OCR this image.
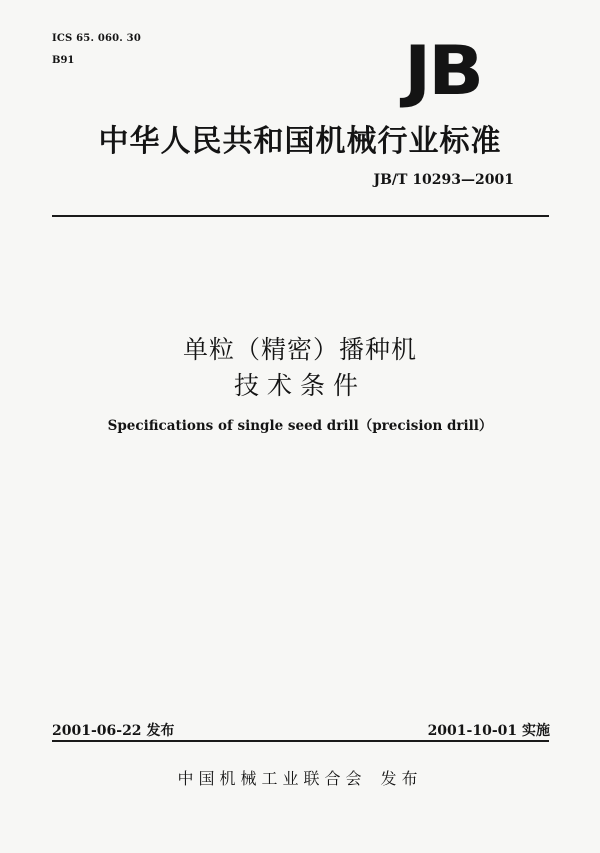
ICS 65. 060. 30
B91	JB
中华人民共和国机械行业标准
JB/T 10293—2001
单粒（精密）播种机
技术条件
Specifications of single seed drill（precision drill）
2001-06-22 发布	2001-10-01 实施
中国机械工业联合会 发布
